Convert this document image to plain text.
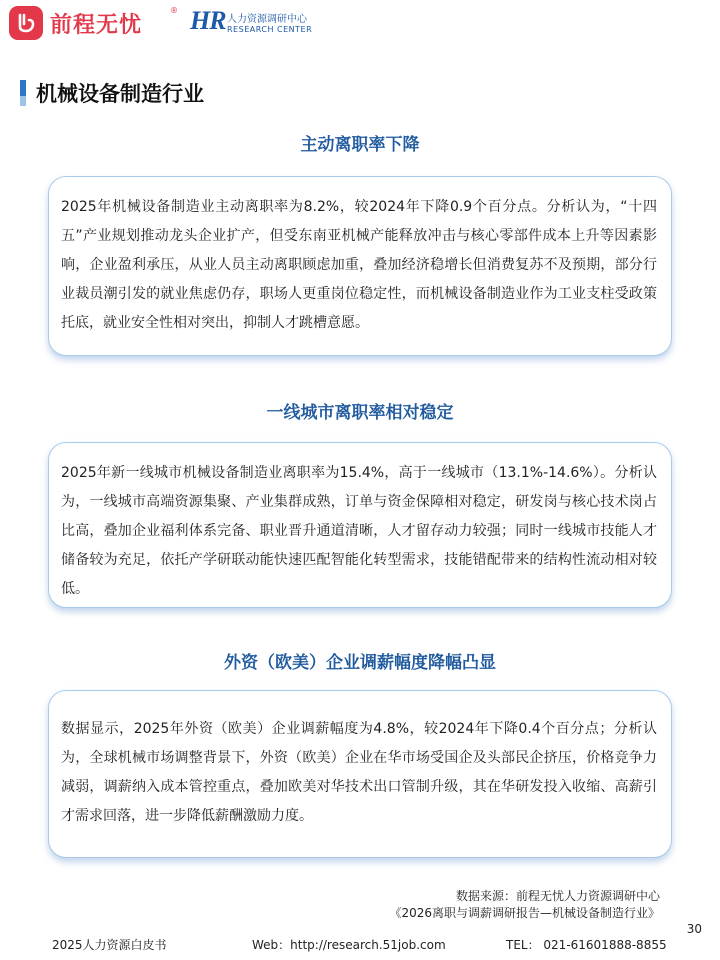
前程无忧
® HR 人力资源调研中心
RESEARCH CENTER
机械设备制造行业
主动离职率下降

2025年机械设备制造业主动离职率为8.2%，较2024年下降0.9个百分点。分析认为，“十四五”产业规划推动龙头企业扩产，但受东南亚机械产能释放冲击与核心零部件成本上升等因素影响，企业盈利承压，从业人员主动离职顾虑加重，叠加经济稳增长但消费复苏不及预期，部分行业裁员潮引发的就业焦虑仍存，职场人更重岗位稳定性，而机械设备制造业作为工业支柱受政策托底，就业安全性相对突出，抑制人才跳槽意愿。

一线城市离职率相对稳定

2025年新一线城市机械设备制造业离职率为15.4%，高于一线城市（13.1%-14.6%）。分析认为，一线城市高端资源集聚、产业集群成熟，订单与资金保障相对稳定，研发岗与核心技术岗占比高，叠加企业福利体系完备、职业晋升通道清晰，人才留存动力较强；同时一线城市技能人才储备较为充足，依托产学研联动能快速匹配智能化转型需求，技能错配带来的结构性流动相对较低。

外资（欧美）企业调薪幅度降幅凸显

数据显示，2025年外资（欧美）企业调薪幅度为4.8%，较2024年下降0.4个百分点；分析认为，全球机械市场调整背景下，外资（欧美）企业在华市场受国企及头部民企挤压，价格竞争力减弱，调薪纳入成本管控重点，叠加欧美对华技术出口管制升级，其在华研发投入收缩、高薪引才需求回落，进一步降低薪酬激励力度。

数据来源：前程无忧人力资源调研中心
《2026离职与调薪调研报告—机械设备制造行业》
30
2025人力资源白皮书	Web：http://research.51job.com	TEL： 021-61601888-8855
